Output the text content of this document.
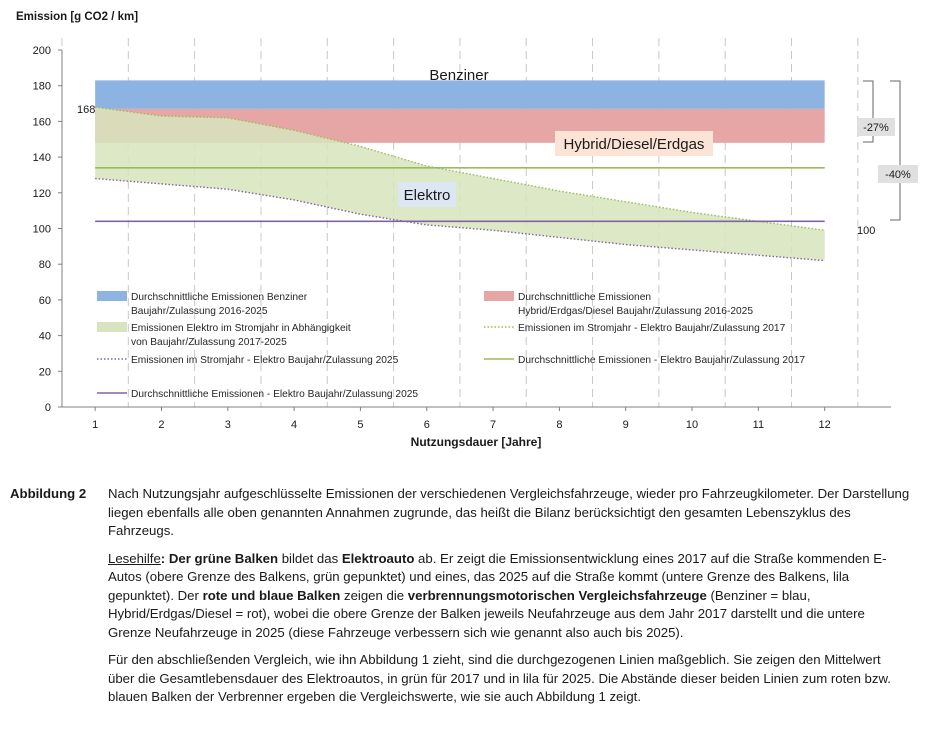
Emission [g CO2 / km]
0
20
40
60
80
100
120
140
160
180
200
1	2	3	4	5	6	7	8	9	10	11	12
Nutzungsdauer [Jahre]
Benziner
Hybrid/Diesel/Erdgas
Elektro
168
100
-27%
-40%
Durchschnittliche Emissionen Benziner
Baujahr/Zulassung 2016-2025
Durchschnittliche Emissionen
Hybrid/Erdgas/Diesel Baujahr/Zulassung 2016-2025
Emissionen Elektro im Stromjahr in Abhängigkeit
von Baujahr/Zulassung 2017-2025
Emissionen im Stromjahr - Elektro Baujahr/Zulassung 2017
Emissionen im Stromjahr - Elektro Baujahr/Zulassung 2025	Durchschnittliche Emissionen - Elektro Baujahr/Zulassung 2017
Durchschnittliche Emissionen - Elektro Baujahr/Zulassung 2025
Abbildung 2 Nach Nutzungsjahr aufgeschlüsselte Emissionen der verschiedenen Vergleichsfahrzeuge, wieder pro Fahrzeugkilometer. Der Darstellung liegen ebenfalls alle oben genannten Annahmen zugrunde, das heißt die Bilanz berücksichtigt den gesamten Lebenszyklus des Fahrzeugs.

Lesehilfe: Der grüne Balken bildet das Elektroauto ab. Er zeigt die Emissionsentwicklung eines 2017 auf die Straße kommenden E-Autos (obere Grenze des Balkens, grün gepunktet) und eines, das 2025 auf die Straße kommt (untere Grenze des Balkens, lila gepunktet). Der rote und blaue Balken zeigen die verbrennungsmotorischen Vergleichsfahrzeuge (Benziner = blau, Hybrid/Erdgas/Diesel = rot), wobei die obere Grenze der Balken jeweils Neufahrzeuge aus dem Jahr 2017 darstellt und die untere Grenze Neufahrzeuge in 2025 (diese Fahrzeuge verbessern sich wie genannt also auch bis 2025).

Für den abschließenden Vergleich, wie ihn Abbildung 1 zieht, sind die durchgezogenen Linien maßgeblich. Sie zeigen den Mittelwert über die Gesamtlebensdauer des Elektroautos, in grün für 2017 und in lila für 2025. Die Abstände dieser beiden Linien zum roten bzw. blauen Balken der Verbrenner ergeben die Vergleichswerte, wie sie auch Abbildung 1 zeigt.
